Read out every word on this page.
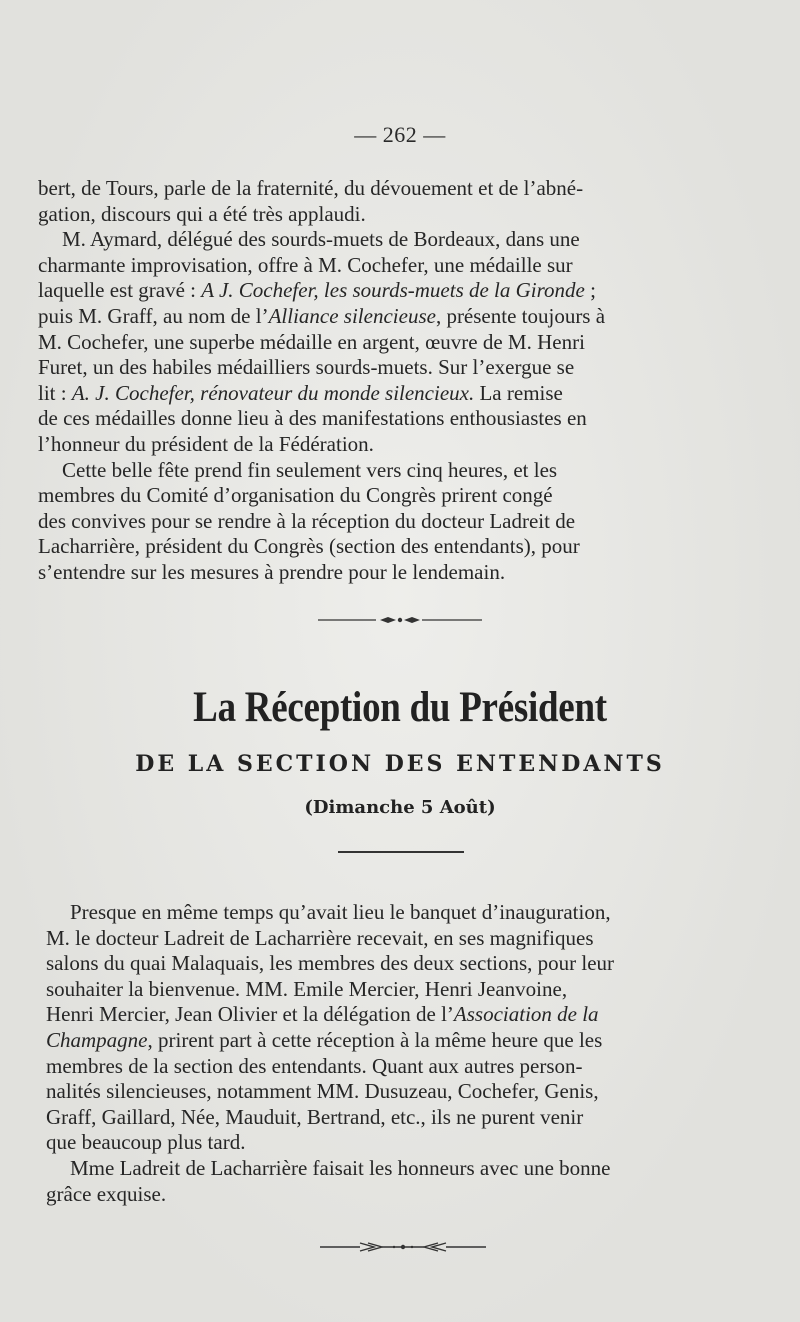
— 262 —

bert, de Tours, parle de la fraternité, du dévouement et de l’abné-

gation, discours qui a été très applaudi.

M. Aymard, délégué des sourds-muets de Bordeaux, dans une

charmante improvisation, offre à M. Cochefer, une médaille sur

laquelle est gravé : A J. Cochefer, les sourds-muets de la Gironde ;

puis M. Graff, au nom de l’Alliance silencieuse, présente toujours à

M. Cochefer, une superbe médaille en argent, œuvre de M. Henri

Furet, un des habiles médailliers sourds-muets. Sur l’exergue se

lit : A. J. Cochefer, rénovateur du monde silencieux. La remise

de ces médailles donne lieu à des manifestations enthousiastes en

l’honneur du président de la Fédération.

Cette belle fête prend fin seulement vers cinq heures, et les

membres du Comité d’organisation du Congrès prirent congé

des convives pour se rendre à la réception du docteur Ladreit de

Lacharrière, président du Congrès (section des entendants), pour

s’entendre sur les mesures à prendre pour le lendemain.

La Réception du Président
DE LA SECTION DES ENTENDANTS
(Dimanche 5 Août)

Presque en même temps qu’avait lieu le banquet d’inauguration,

M. le docteur Ladreit de Lacharrière recevait, en ses magnifiques

salons du quai Malaquais, les membres des deux sections, pour leur

souhaiter la bienvenue. MM. Emile Mercier, Henri Jeanvoine,

Henri Mercier, Jean Olivier et la délégation de l’Association de la

Champagne, prirent part à cette réception à la même heure que les

membres de la section des entendants. Quant aux autres person-

nalités silencieuses, notamment MM. Dusuzeau, Cochefer, Genis,

Graff, Gaillard, Née, Mauduit, Bertrand, etc., ils ne purent venir

que beaucoup plus tard.

Mme Ladreit de Lacharrière faisait les honneurs avec une bonne

grâce exquise.
